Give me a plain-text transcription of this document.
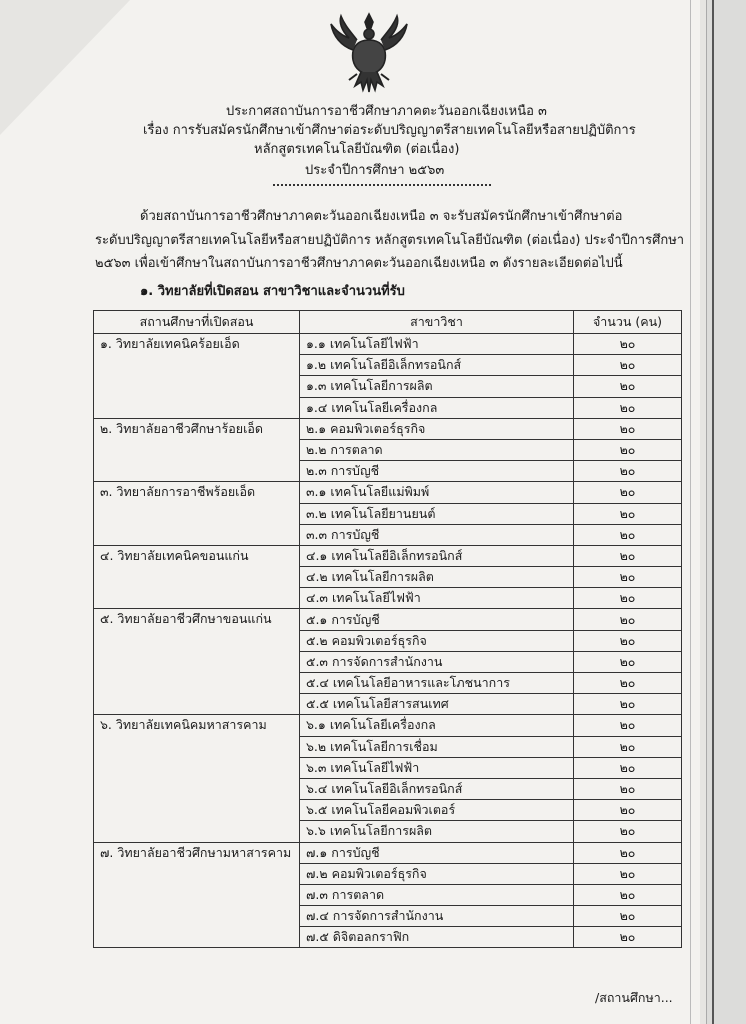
ประกาศสถาบันการอาชีวศึกษาภาคตะวันออกเฉียงเหนือ ๓
เรื่อง การรับสมัครนักศึกษาเข้าศึกษาต่อระดับปริญญาตรีสายเทคโนโลยีหรือสายปฏิบัติการ
หลักสูตรเทคโนโลยีบัณฑิต (ต่อเนื่อง)
ประจำปีการศึกษา ๒๕๖๓
ด้วยสถาบันการอาชีวศึกษาภาคตะวันออกเฉียงเหนือ ๓ จะรับสมัครนักศึกษาเข้าศึกษาต่อ
ระดับปริญญาตรีสายเทคโนโลยีหรือสายปฏิบัติการ หลักสูตรเทคโนโลยีบัณฑิต (ต่อเนื่อง) ประจำปีการศึกษา
๒๕๖๓ เพื่อเข้าศึกษาในสถาบันการอาชีวศึกษาภาคตะวันออกเฉียงเหนือ ๓ ดังรายละเอียดต่อไปนี้
๑. วิทยาลัยที่เปิดสอน สาขาวิชาและจำนวนที่รับ
สถานศึกษาที่เปิดสอน	สาขาวิชา	จำนวน (คน)
๑. วิทยาลัยเทคนิคร้อยเอ็ด	๑.๑ เทคโนโลยีไฟฟ้า	๒๐
	๑.๒ เทคโนโลยีอิเล็กทรอนิกส์	๒๐
	๑.๓ เทคโนโลยีการผลิต	๒๐
	๑.๔ เทคโนโลยีเครื่องกล	๒๐
๒. วิทยาลัยอาชีวศึกษาร้อยเอ็ด	๒.๑ คอมพิวเตอร์ธุรกิจ	๒๐
	๒.๒ การตลาด	๒๐
	๒.๓ การบัญชี	๒๐
๓. วิทยาลัยการอาชีพร้อยเอ็ด	๓.๑ เทคโนโลยีแม่พิมพ์	๒๐
	๓.๒ เทคโนโลยียานยนต์	๒๐
	๓.๓ การบัญชี	๒๐
๔. วิทยาลัยเทคนิคขอนแก่น	๔.๑ เทคโนโลยีอิเล็กทรอนิกส์	๒๐
	๔.๒ เทคโนโลยีการผลิต	๒๐
	๔.๓ เทคโนโลยีไฟฟ้า	๒๐
๕. วิทยาลัยอาชีวศึกษาขอนแก่น	๕.๑ การบัญชี	๒๐
	๕.๒ คอมพิวเตอร์ธุรกิจ	๒๐
	๕.๓ การจัดการสำนักงาน	๒๐
	๕.๔ เทคโนโลยีอาหารและโภชนาการ	๒๐
	๕.๕ เทคโนโลยีสารสนเทศ	๒๐
๖. วิทยาลัยเทคนิคมหาสารคาม	๖.๑ เทคโนโลยีเครื่องกล	๒๐
	๖.๒ เทคโนโลยีการเชื่อม	๒๐
	๖.๓ เทคโนโลยีไฟฟ้า	๒๐
	๖.๔ เทคโนโลยีอิเล็กทรอนิกส์	๒๐
	๖.๕ เทคโนโลยีคอมพิวเตอร์	๒๐
	๖.๖ เทคโนโลยีการผลิต	๒๐
๗. วิทยาลัยอาชีวศึกษามหาสารคาม	๗.๑ การบัญชี	๒๐
	๗.๒ คอมพิวเตอร์ธุรกิจ	๒๐
	๗.๓ การตลาด	๒๐
	๗.๔ การจัดการสำนักงาน	๒๐
	๗.๕ ดิจิตอลกราฟิก	๒๐
/สถานศึกษา...
